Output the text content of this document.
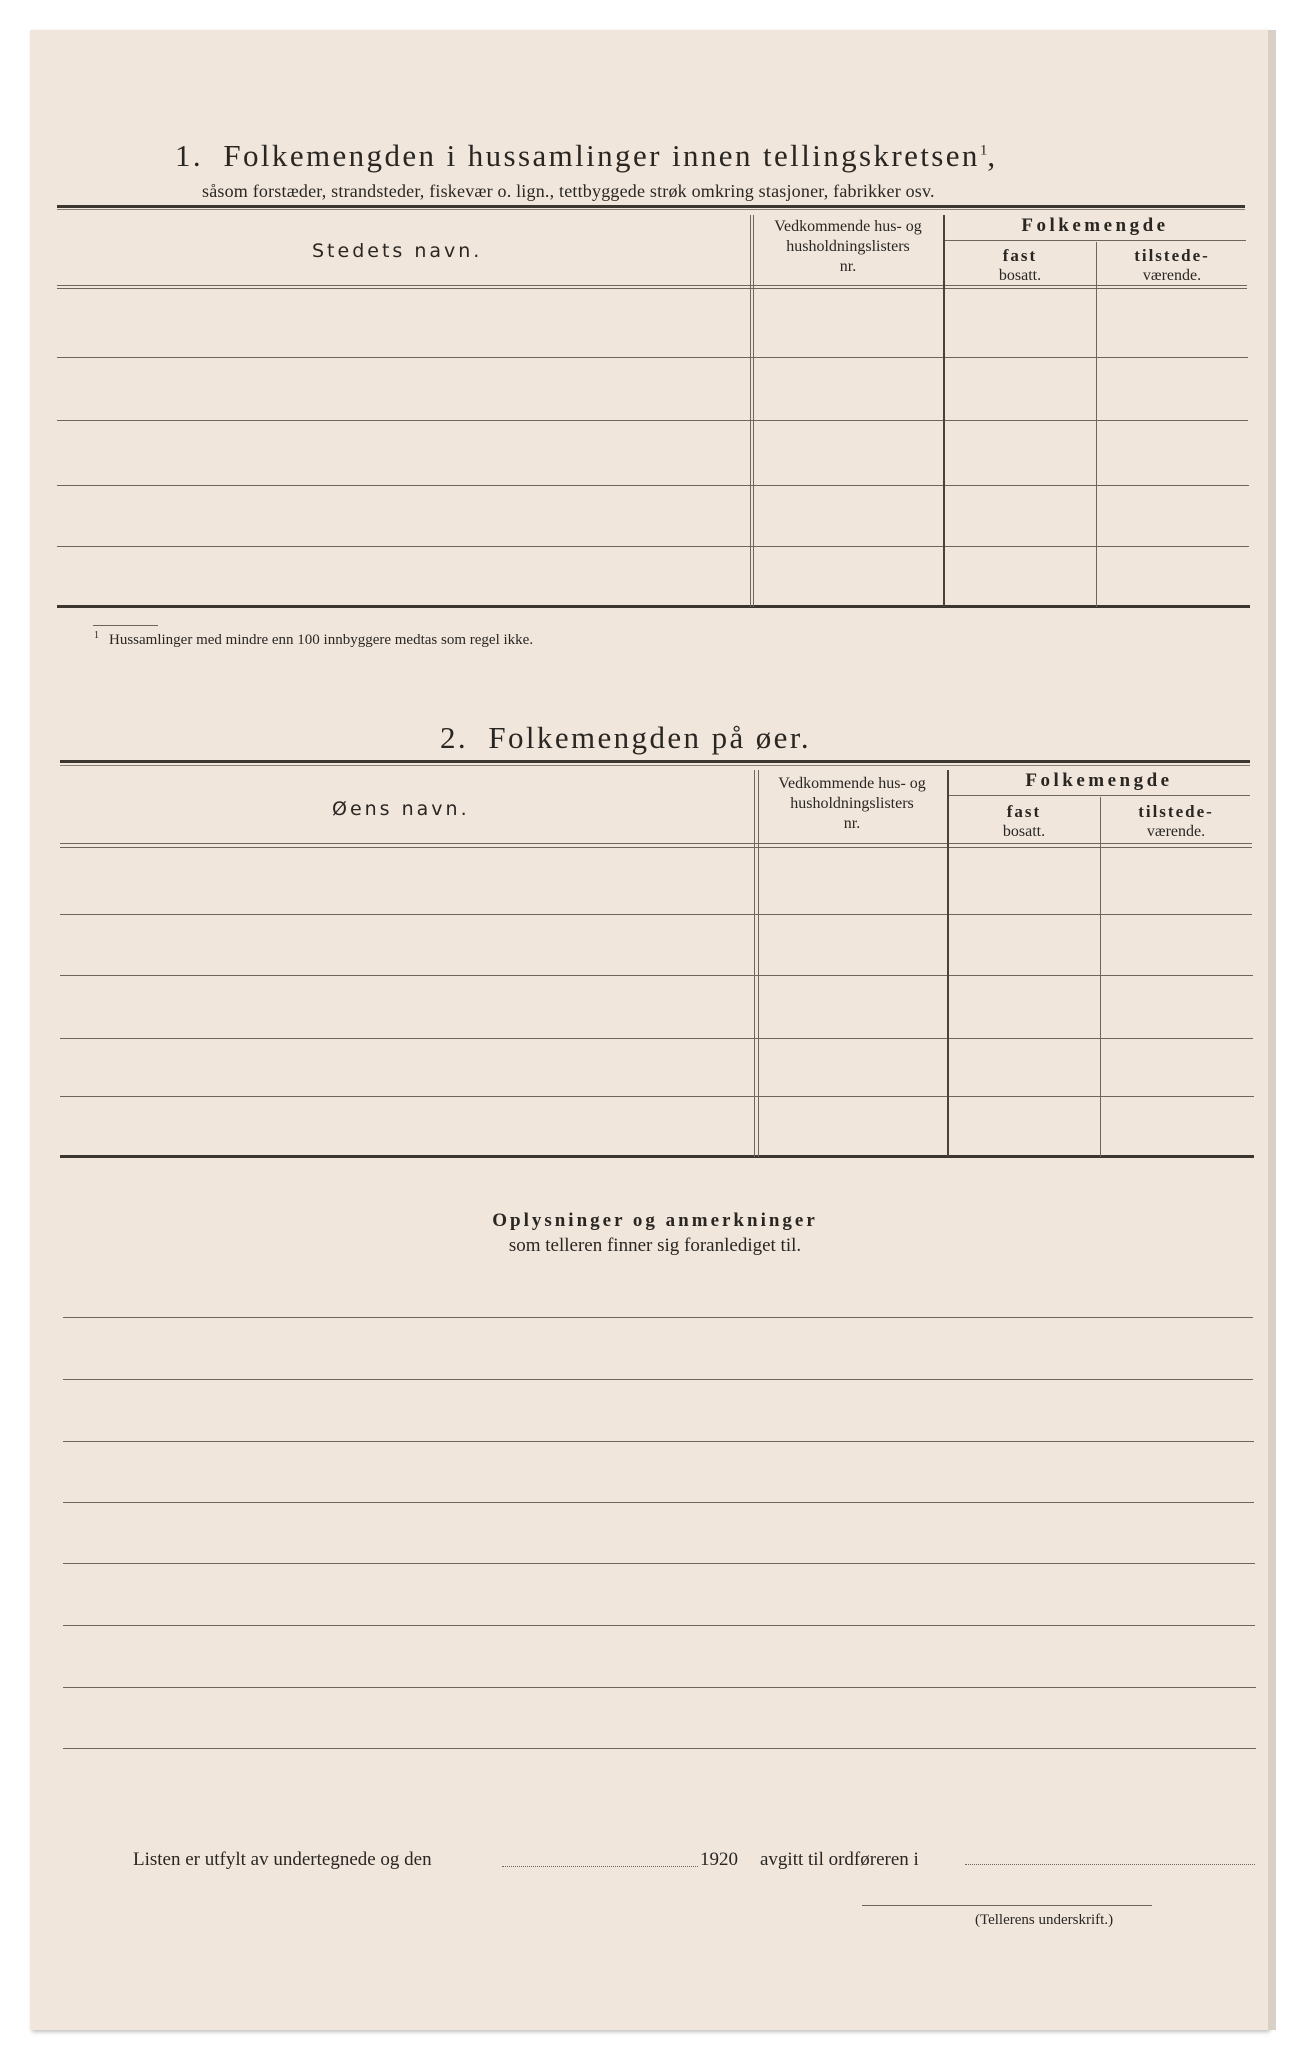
1. Folkemengden i hussamlinger innen tellingskretsen$^1$,
såsom forstæder, strandsteder, fiskevær o. lign., tettbyggede strøk omkring stasjoner, fabrikker osv.
Stedets navn.
Vedkommende hus- og
husholdningslisters
nr.
Folkemengde
fast
bosatt.
tilstede-
værende.
$^1$ Hussamlinger med mindre enn 100 innbyggere medtas som regel ikke.
2. Folkemengden på øer.
Øens navn.
Vedkommende hus- og
husholdningslisters
nr.
Folkemengde
fast
bosatt.
tilstede-
værende.
Oplysninger og anmerkninger
som telleren finner sig foranlediget til.
Listen er utfylt av undertegnede og den	1920 avgitt til ordføreren i
(Tellerens underskrift.)
